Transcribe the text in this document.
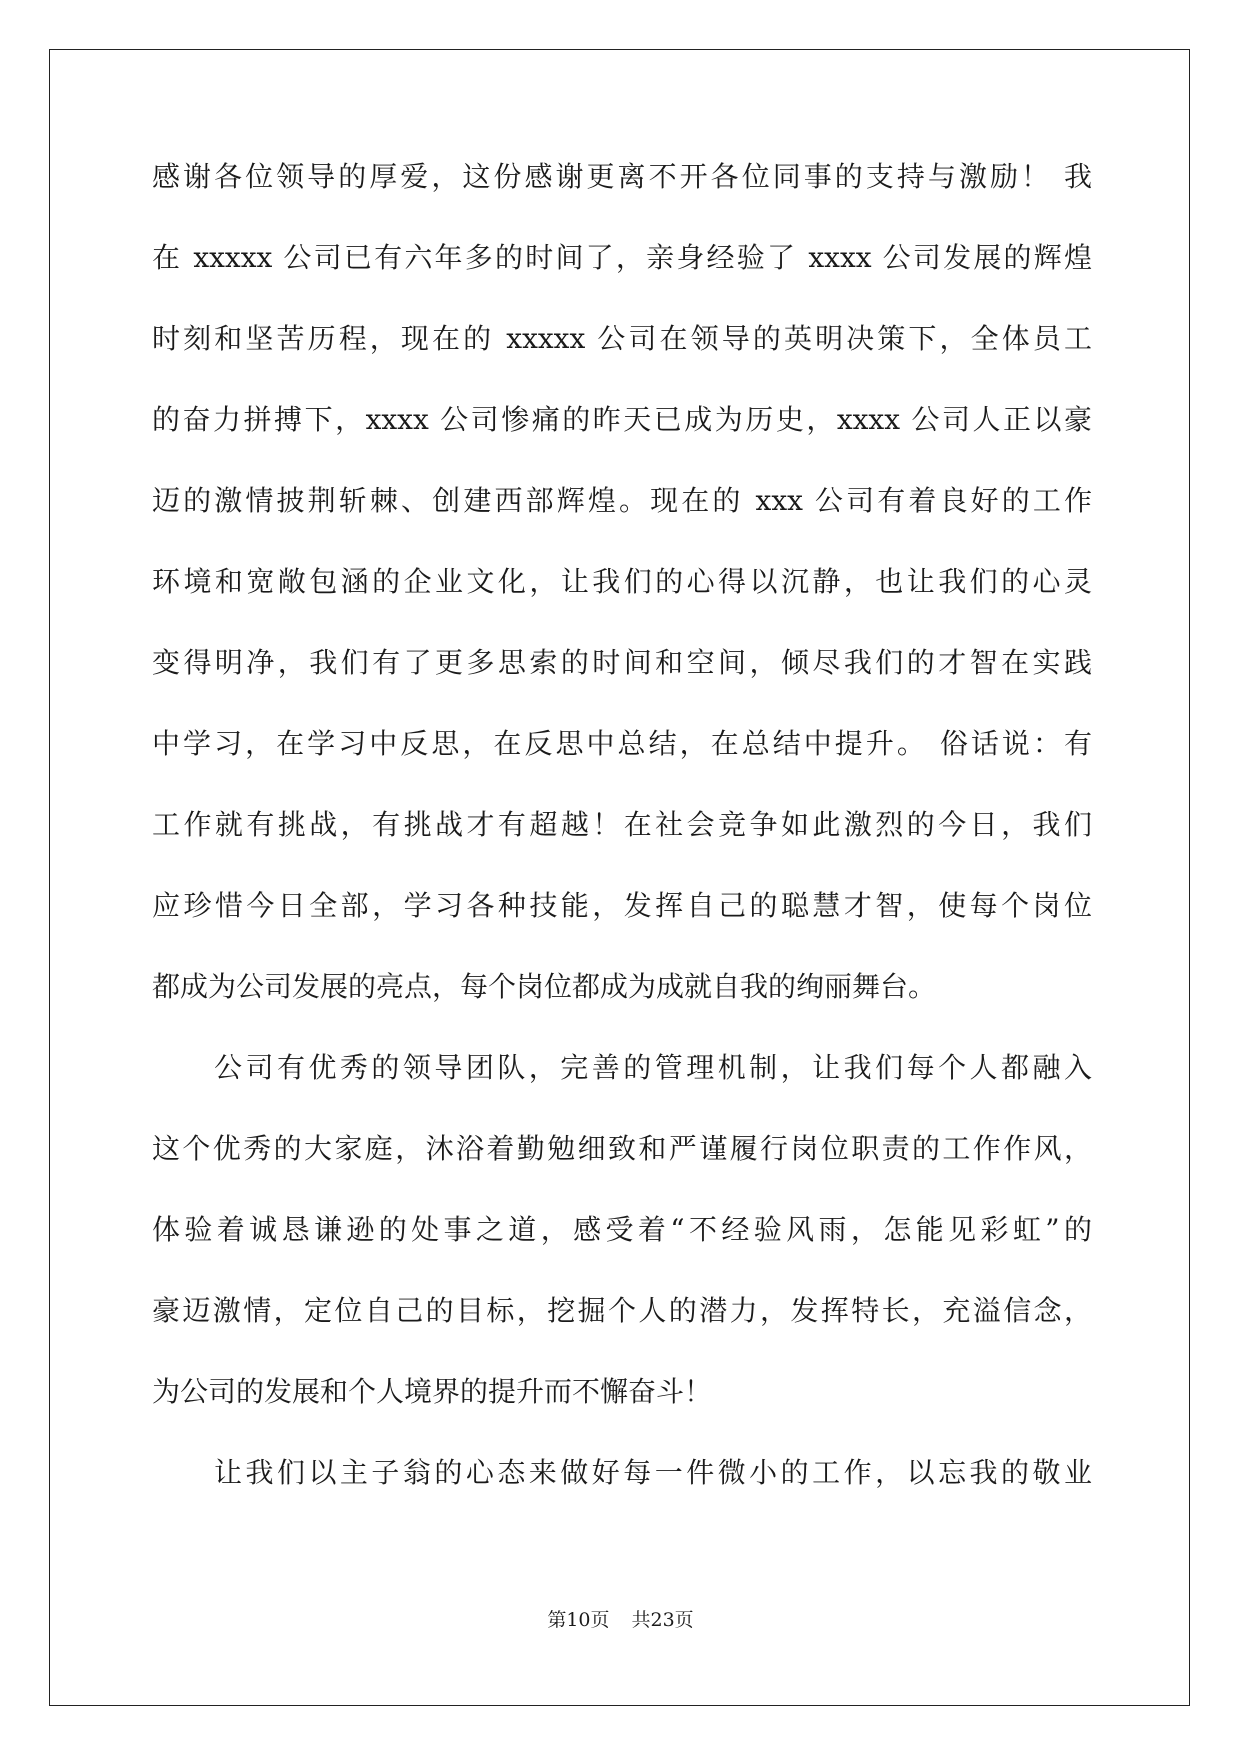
感谢各位领导的厚爱，这份感谢更离不开各位同事的支持与激励！ 我
在 xxxxx 公司已有六年多的时间了，亲身经验了 xxxx 公司发展的辉煌
时刻和坚苦历程，现在的 xxxxx 公司在领导的英明决策下，全体员工
的奋力拼搏下，xxxx 公司惨痛的昨天已成为历史，xxxx 公司人正以豪
迈的激情披荆斩棘、创建西部辉煌。现在的 xxx 公司有着良好的工作
环境和宽敞包涵的企业文化，让我们的心得以沉静，也让我们的心灵
变得明净，我们有了更多思索的时间和空间，倾尽我们的才智在实践
中学习，在学习中反思，在反思中总结，在总结中提升。 俗话说：有
工作就有挑战，有挑战才有超越！在社会竞争如此激烈的今日，我们
应珍惜今日全部，学习各种技能，发挥自己的聪慧才智，使每个岗位
都成为公司发展的亮点，每个岗位都成为成就自我的绚丽舞台。
公司有优秀的领导团队，完善的管理机制，让我们每个人都融入
这个优秀的大家庭，沐浴着勤勉细致和严谨履行岗位职责的工作作风，
体验着诚恳谦逊的处事之道，感受着“不经验风雨，怎能见彩虹”的
豪迈激情，定位自己的目标，挖掘个人的潜力，发挥特长，充溢信念，
为公司的发展和个人境界的提升而不懈奋斗！
让我们以主子翁的心态来做好每一件微小的工作，以忘我的敬业
第10页 共23页
